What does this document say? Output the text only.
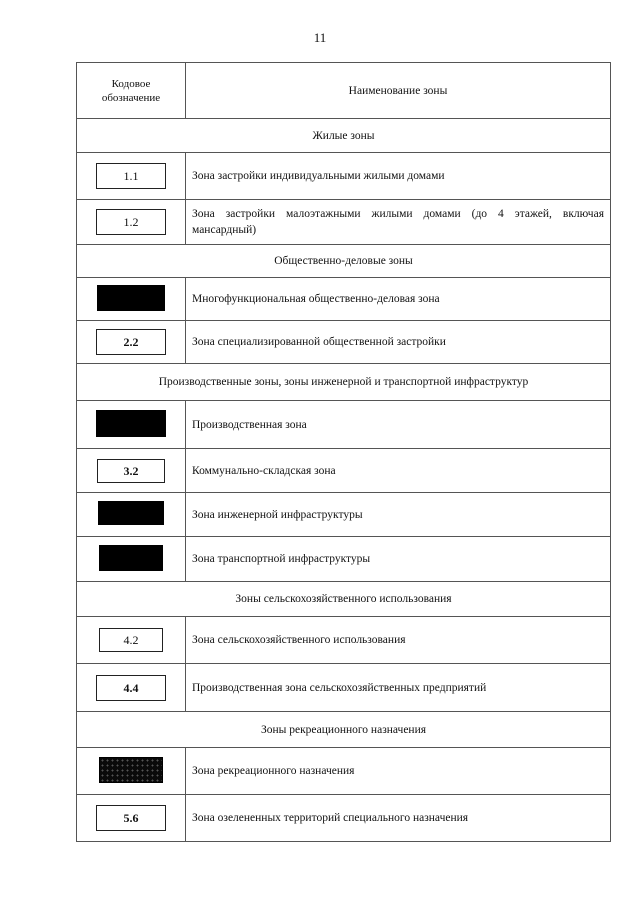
11
Кодовое
обозначение	Наименование зоны
Жилые зоны	
1.1	Зона застройки индивидуальными жилыми домами
1.2	Зона застройки малоэтажными жилыми домами (до 4 этажей, включая мансардный)
Общественно-деловые зоны	
	Многофункциональная общественно-деловая зона
2.2	Зона специализированной общественной застройки
Производственные зоны, зоны инженерной и транспортной инфраструктур	
	Производственная зона
3.2	Коммунально-складская зона
	Зона инженерной инфраструктуры
	Зона транспортной инфраструктуры
Зоны сельскохозяйственного использования	
4.2	Зона сельскохозяйственного использования
4.4	Производственная зона сельскохозяйственных предприятий
Зоны рекреационного назначения	
	Зона рекреационного назначения
5.6	Зона озелененных территорий специального назначения
